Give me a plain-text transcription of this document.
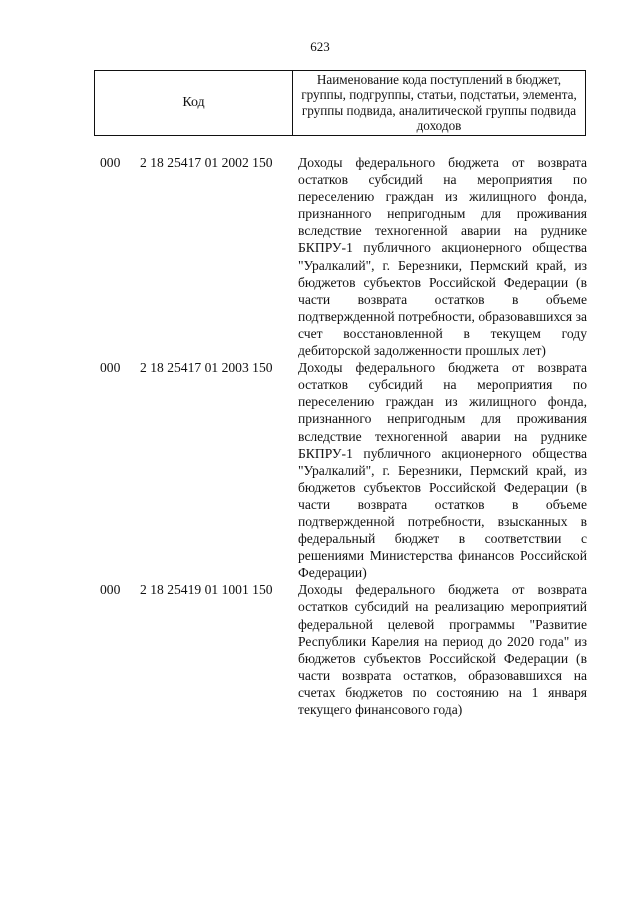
623
Код
Наименование кода поступлений в бюджет, группы, подгруппы, статьи, подстатьи, элемента, группы подвида, аналитической группы подвида доходов
000	2 18 25417 01 2002 150	Доходы федерального бюджета от возврата остатков субсидий на мероприятия по переселению граждан из жилищного фонда, признанного непригодным для проживания вследствие техногенной аварии на руднике БКПРУ-1 публичного акционерного общества "Уралкалий", г. Березники, Пермский край, из бюджетов субъектов Российской Федерации (в части возврата остатков в объеме подтвержденной потребности, образовавшихся за счет восстановленной в текущем году дебиторской задолженности прошлых лет)
000	2 18 25417 01 2003 150	Доходы федерального бюджета от возврата остатков субсидий на мероприятия по переселению граждан из жилищного фонда, признанного непригодным для проживания вследствие техногенной аварии на руднике БКПРУ-1 публичного акционерного общества "Уралкалий", г. Березники, Пермский край, из бюджетов субъектов Российской Федерации (в части возврата остатков в объеме подтвержденной потребности, взысканных в федеральный бюджет в соответствии с решениями Министерства финансов Российской Федерации)
000	2 18 25419 01 1001 150	Доходы федерального бюджета от возврата остатков субсидий на реализацию мероприятий федеральной целевой программы "Развитие Республики Карелия на период до 2020 года" из бюджетов субъектов Российской Федерации (в части возврата остатков, образовавшихся на счетах бюджетов по состоянию на 1 января текущего финансового года)
